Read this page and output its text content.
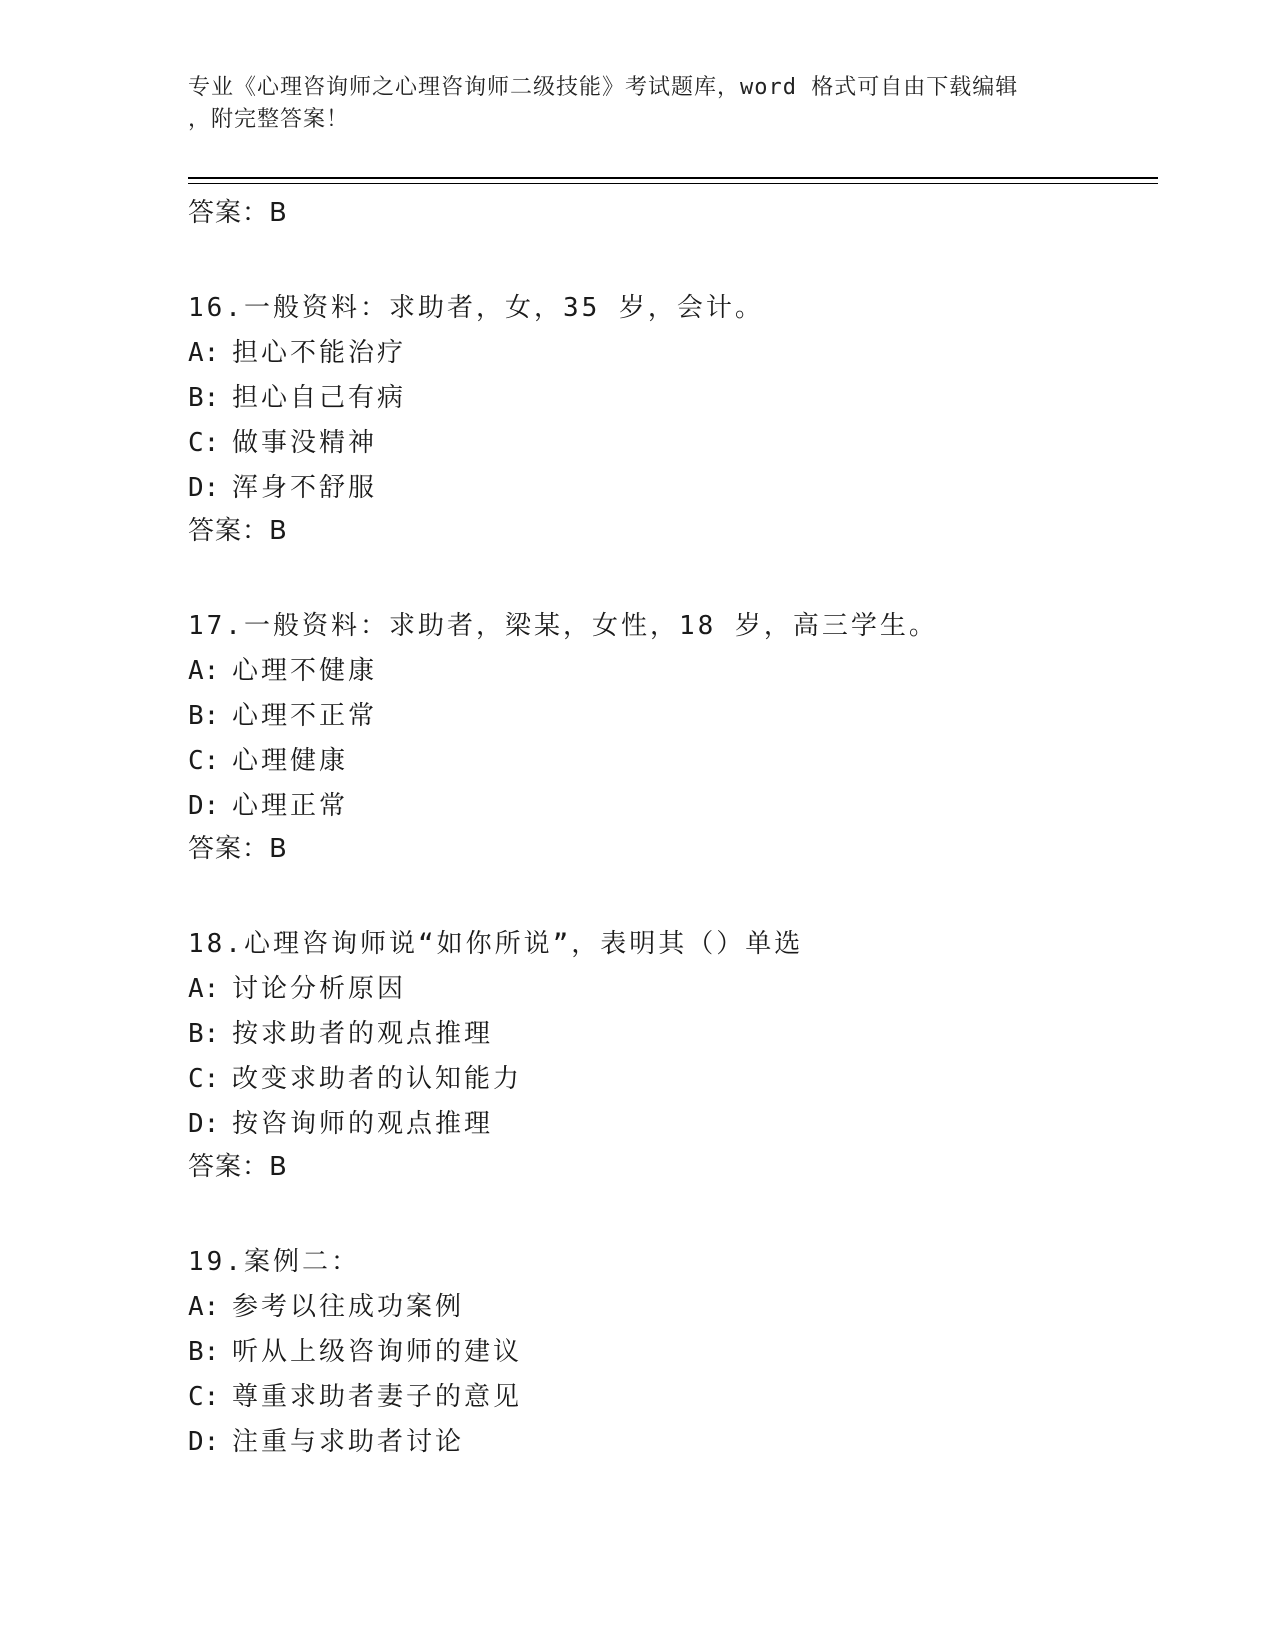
专业《心理咨询师之心理咨询师二级技能》考试题库，word 格式可自由下载编辑
，附完整答案！

答案：B

16.一般资料：求助者，女，35 岁，会计。

A: 担心不能治疗

B: 担心自己有病

C: 做事没精神

D: 浑身不舒服

答案：B

17.一般资料：求助者，梁某，女性，18 岁，高三学生。

A: 心理不健康

B: 心理不正常

C: 心理健康

D: 心理正常

答案：B

18.心理咨询师说“如你所说”，表明其（）单选

A: 讨论分析原因

B: 按求助者的观点推理

C: 改变求助者的认知能力

D: 按咨询师的观点推理

答案：B

19.案例二：

A: 参考以往成功案例

B: 听从上级咨询师的建议

C: 尊重求助者妻子的意见

D: 注重与求助者讨论
